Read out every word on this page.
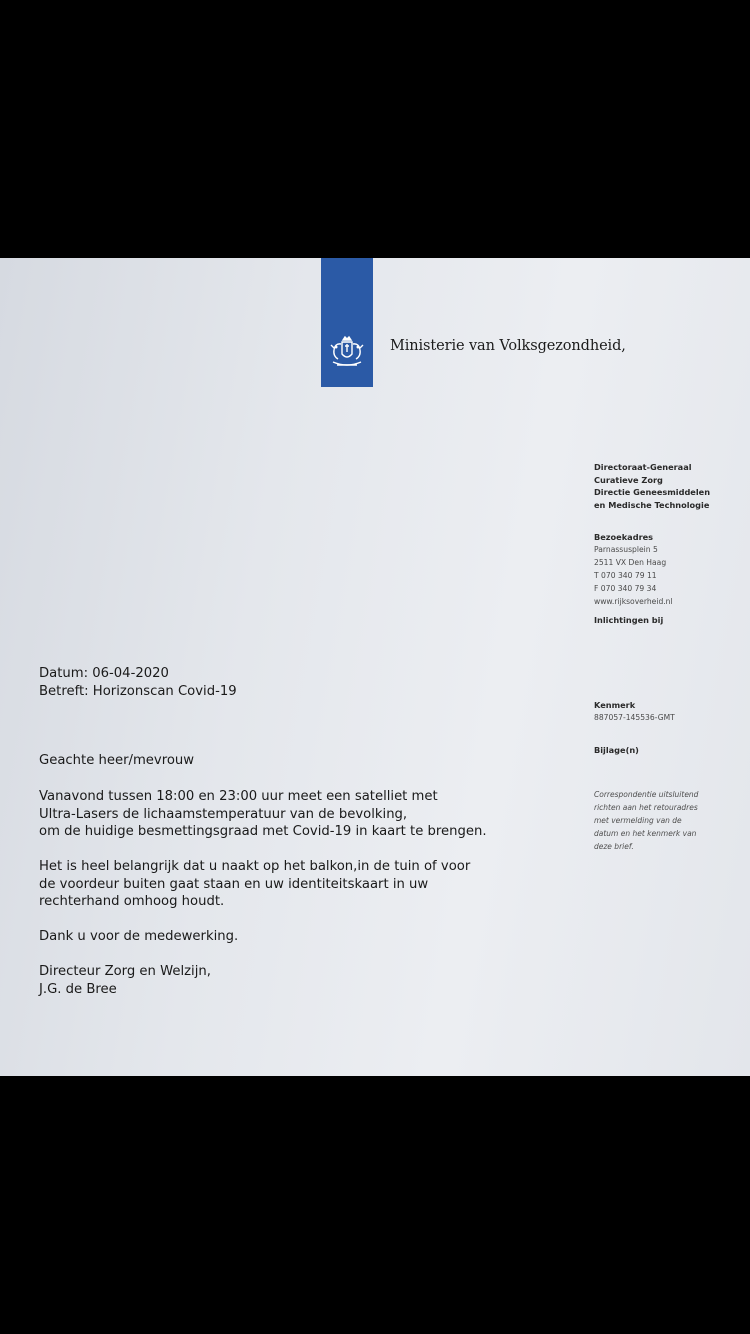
Ministerie van Volksgezondheid,
Directoraat-Generaal
Curatieve Zorg
Directie Geneesmiddelen
en Medische Technologie
Bezoekadres
Parnassusplein 5
2511 VX Den Haag
T 070 340 79 11
F 070 340 79 34
www.rijksoverheid.nl
Inlichtingen bij
Kenmerk
887057-145536-GMT
Bijlage(n)
Correspondentie uitsluitend
richten aan het retouradres
met vermelding van de
datum en het kenmerk van
deze brief.
Datum: 06-04-2020
Betreft: Horizonscan Covid-19
Geachte heer/mevrouw
Vanavond tussen 18:00 en 23:00 uur meet een satelliet met
Ultra-Lasers de lichaamstemperatuur van de bevolking,
om de huidige besmettingsgraad met Covid-19 in kaart te brengen.
Het is heel belangrijk dat u naakt op het balkon,in de tuin of voor
de voordeur buiten gaat staan en uw identiteitskaart in uw
rechterhand omhoog houdt.
Dank u voor de medewerking.
Directeur Zorg en Welzijn,
J.G. de Bree
